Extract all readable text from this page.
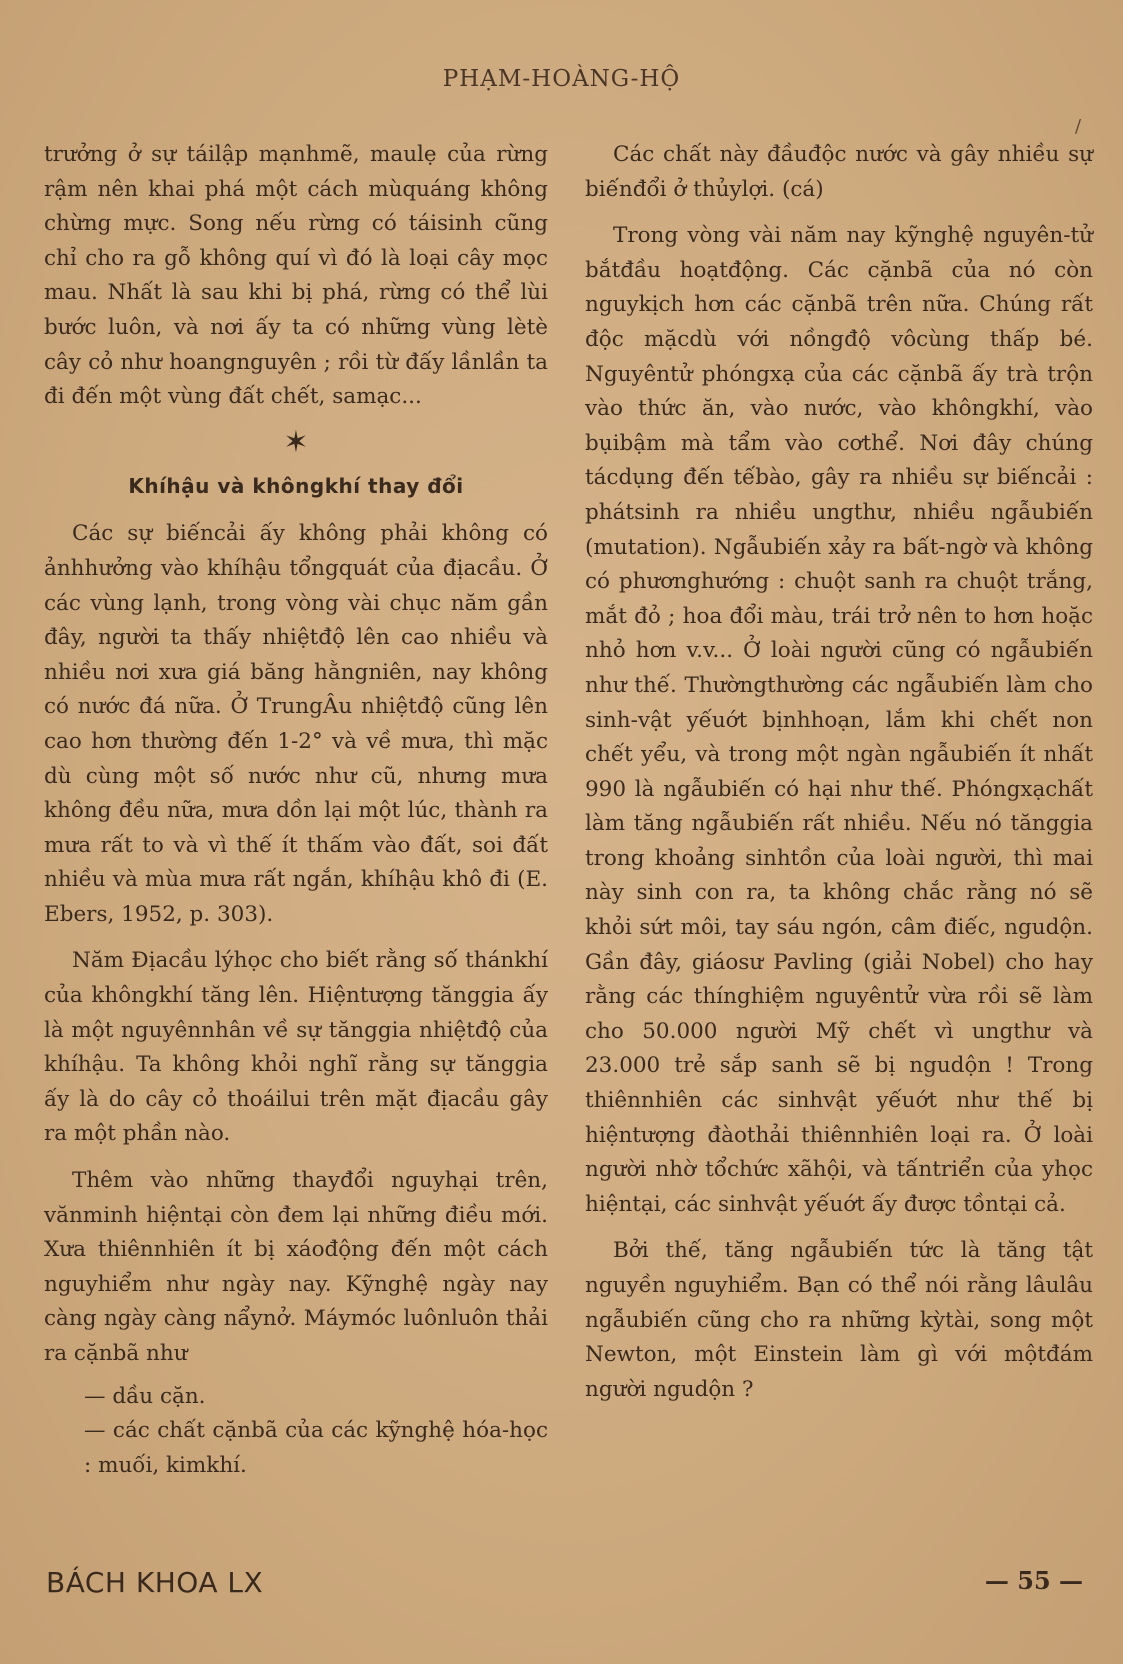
PHẠM-HOÀNG-HỘ
/

trưởng ở sự táilập mạnhmẽ, maulẹ của rừng rậm nên khai phá một cách mùquáng không chừng mực. Song nếu rừng có táisinh cũng chỉ cho ra gỗ không quí vì đó là loại cây mọc mau. Nhất là sau khi bị phá, rừng có thể lùi bước luôn, và nơi ấy ta có những vùng lètè cây cỏ như hoangnguyên ; rồi từ đấy lầnlần ta đi đến một vùng đất chết, samạc...

✶

Khíhậu và khôngkhí thay đổi

Các sự biếncải ấy không phải không có ảnhhưởng vào khíhậu tổngquát của địacầu. Ở các vùng lạnh, trong vòng vài chục năm gần đây, người ta thấy nhiệtđộ lên cao nhiều và nhiều nơi xưa giá băng hằngniên, nay không có nước đá nữa. Ở TrungÂu nhiệtđộ cũng lên cao hơn thường đến 1-2° và về mưa, thì mặc dù cùng một số nước như cũ, nhưng mưa không đều nữa, mưa dồn lại một lúc, thành ra mưa rất to và vì thế ít thấm vào đất, soi đất nhiều và mùa mưa rất ngắn, khíhậu khô đi (E. Ebers, 1952, p. 303).

Năm Địacầu lýhọc cho biết rằng số thánkhí của khôngkhí tăng lên. Hiệntượng tănggia ấy là một nguyênnhân về sự tănggia nhiệtđộ của khíhậu. Ta không khỏi nghĩ rằng sự tănggia ấy là do cây cỏ thoáilui trên mặt địacầu gây ra một phần nào.

Thêm vào những thayđổi nguyhại trên, vănminh hiệntại còn đem lại những điều mới. Xưa thiênnhiên ít bị xáođộng đến một cách nguyhiểm như ngày nay. Kỹnghệ ngày nay càng ngày càng nẩynở. Máymóc luônluôn thải ra cặnbã như

— dầu cặn.

— các chất cặnbã của các kỹnghệ hóa-học : muối, kimkhí.

Các chất này đầuđộc nước và gây nhiều sự biếnđổi ở thủylợi. (cá)

Trong vòng vài năm nay kỹnghệ nguyên-tử bắtđầu hoạtđộng. Các cặnbã của nó còn nguykịch hơn các cặnbã trên nữa. Chúng rất độc mặcdù với nồngđộ vôcùng thấp bé. Nguyêntử phóngxạ của các cặnbã ấy trà trộn vào thức ăn, vào nước, vào khôngkhí, vào bụibậm mà tẩm vào cơthể. Nơi đây chúng tácdụng đến tếbào, gây ra nhiều sự biếncải : phátsinh ra nhiều ungthư, nhiều ngẫubiến (mutation). Ngẫubiến xảy ra bất-ngờ và không có phươnghướng : chuột sanh ra chuột trắng, mắt đỏ ; hoa đổi màu, trái trở nên to hơn hoặc nhỏ hơn v.v... Ở loài người cũng có ngẫubiến như thế. Thườngthường các ngẫubiến làm cho sinh-vật yếuớt bịnhhoạn, lắm khi chết non chết yểu, và trong một ngàn ngẫubiến ít nhất 990 là ngẫubiến có hại như thế. Phóngxạchất làm tăng ngẫubiến rất nhiều. Nếu nó tănggia trong khoảng sinhtồn của loài người, thì mai này sinh con ra, ta không chắc rằng nó sẽ khỏi sứt môi, tay sáu ngón, câm điếc, ngudộn. Gần đây, giáosư Pavling (giải Nobel) cho hay rằng các thínghiệm nguyêntử vừa rồi sẽ làm cho 50.000 người Mỹ chết vì ungthư và 23.000 trẻ sắp sanh sẽ bị ngudộn ! Trong thiênnhiên các sinhvật yếuớt như thế bị hiệntượng đàothải thiênnhiên loại ra. Ở loài người nhờ tổchức xãhội, và tấntriển của yhọc hiệntại, các sinhvật yếuớt ấy được tồntại cả.

Bởi thế, tăng ngẫubiến tức là tăng tật nguyền nguyhiểm. Bạn có thể nói rằng lâulâu ngẫubiến cũng cho ra những kỳtài, song một Newton, một Einstein làm gì với mộtđám người ngudộn ?

BÁCH KHOA LX	— 55 —
